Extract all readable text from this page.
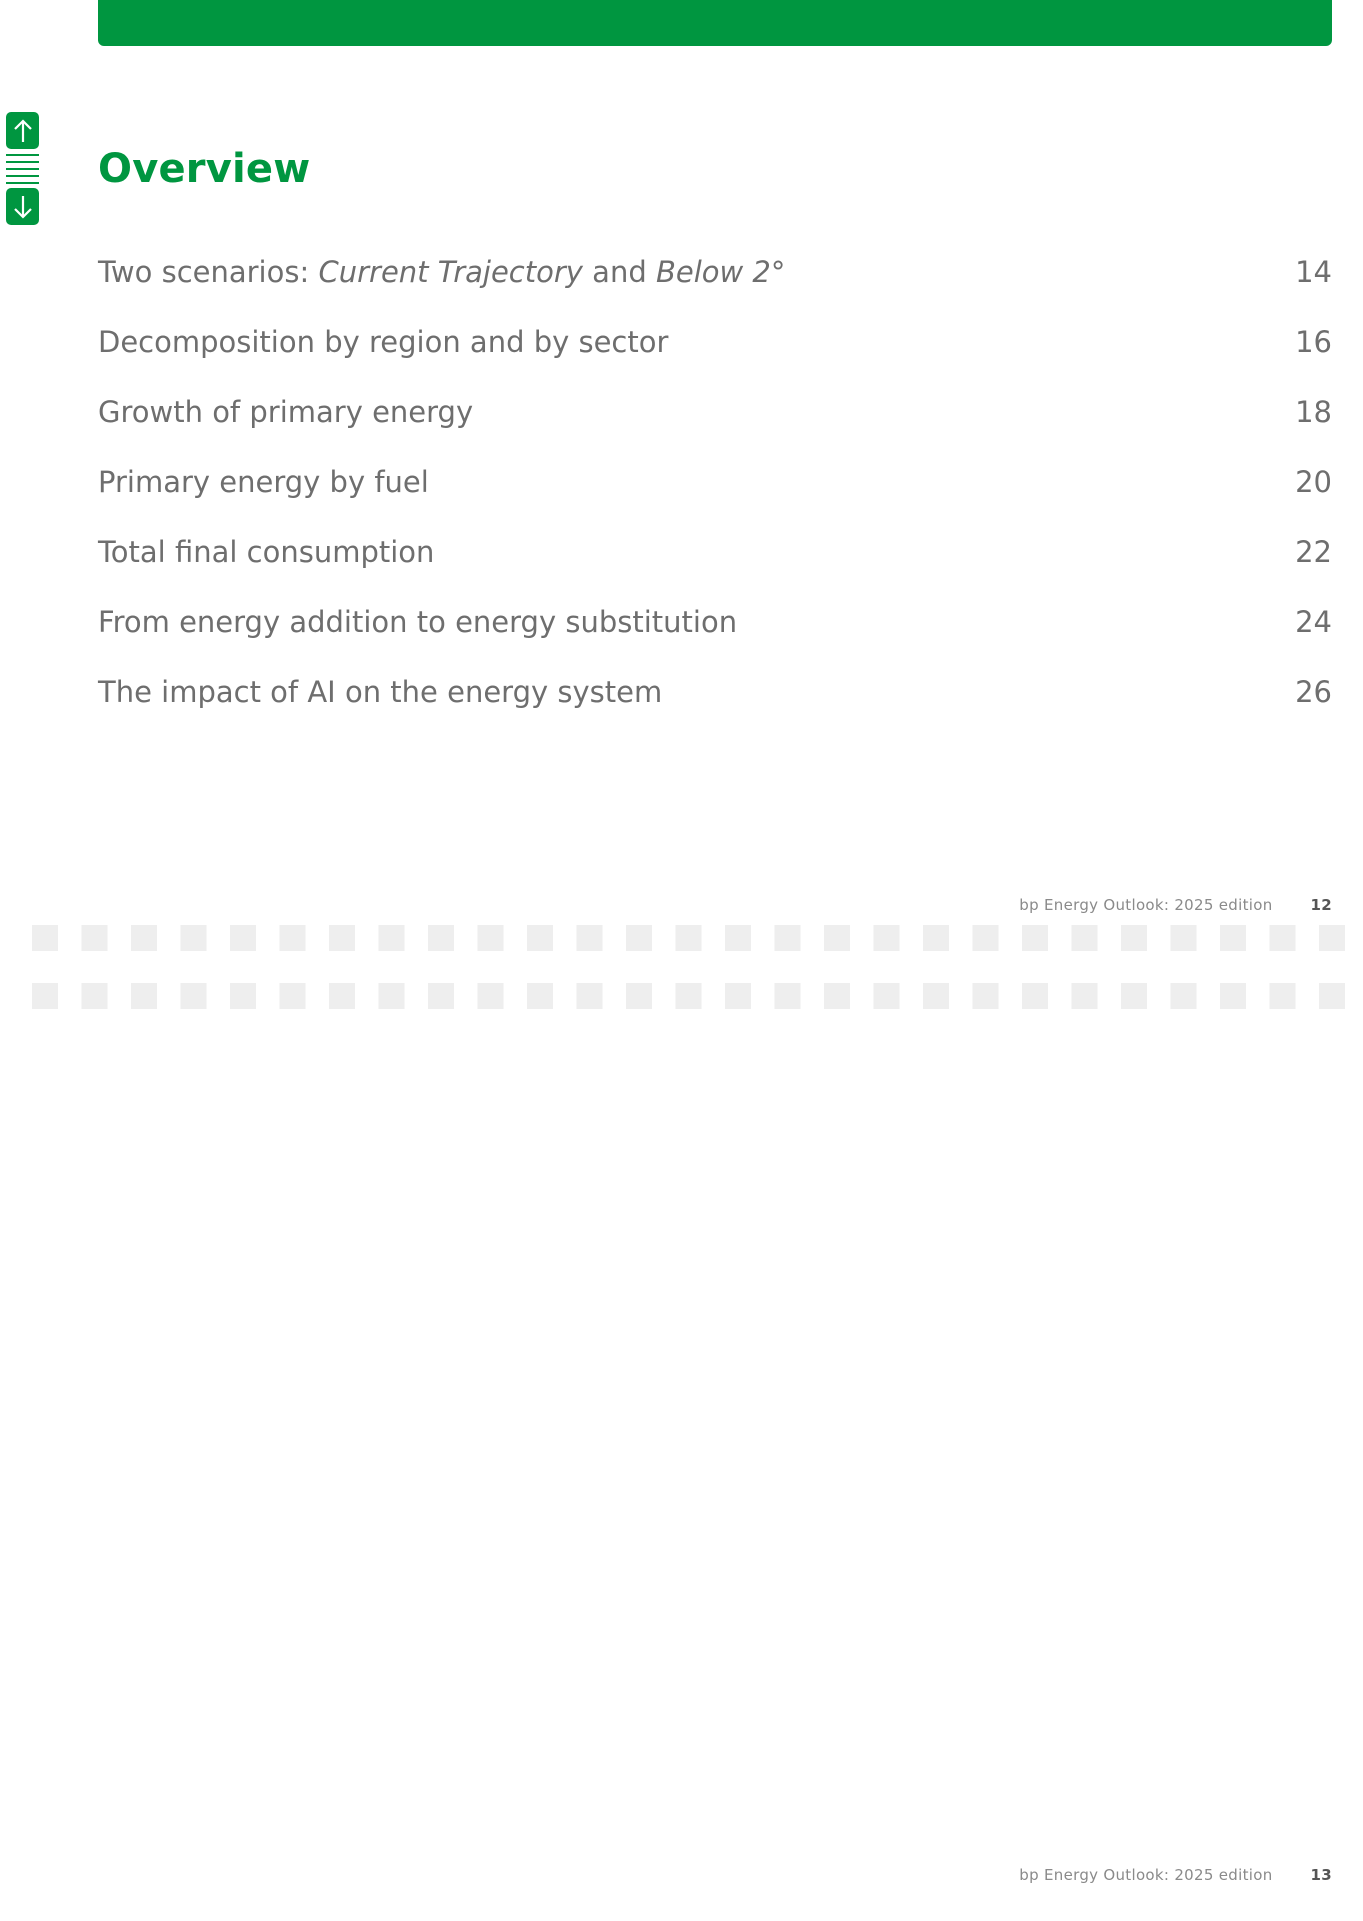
Overview
Two scenarios: Current Trajectory and Below 2°	14
Decomposition by region and by sector	16
Growth of primary energy	18
Primary energy by fuel	20
Total final consumption	22
From energy addition to energy substitution	24
The impact of AI on the energy system	26
bp Energy Outlook: 2025 edition	12
bp Energy Outlook: 2025 edition	13
